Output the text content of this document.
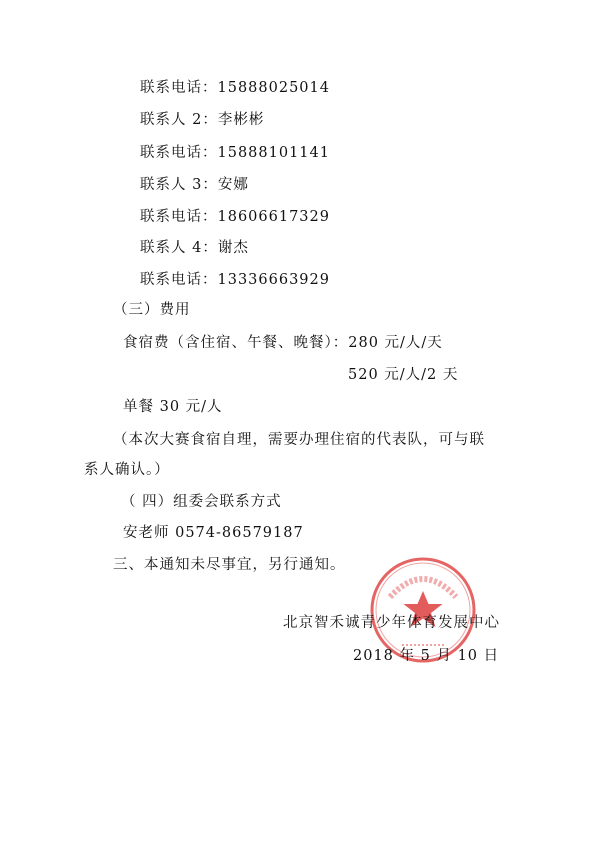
联系电话：15888025014
联系人 2：李彬彬
联系电话：15888101141
联系人 3：安娜
联系电话：18606617329
联系人 4：谢杰
联系电话：13336663929
（三）费用
食宿费（含住宿、午餐、晚餐）：280 元/人/天
520 元/人/2 天
单餐 30 元/人
（本次大赛食宿自理，需要办理住宿的代表队，可与联
系人确认。）
（ 四）组委会联系方式
安老师 0574-86579187
三、本通知未尽事宜，另行通知。
北京智禾诚青少年体育发展中心
2018 年 5 月 10 日
